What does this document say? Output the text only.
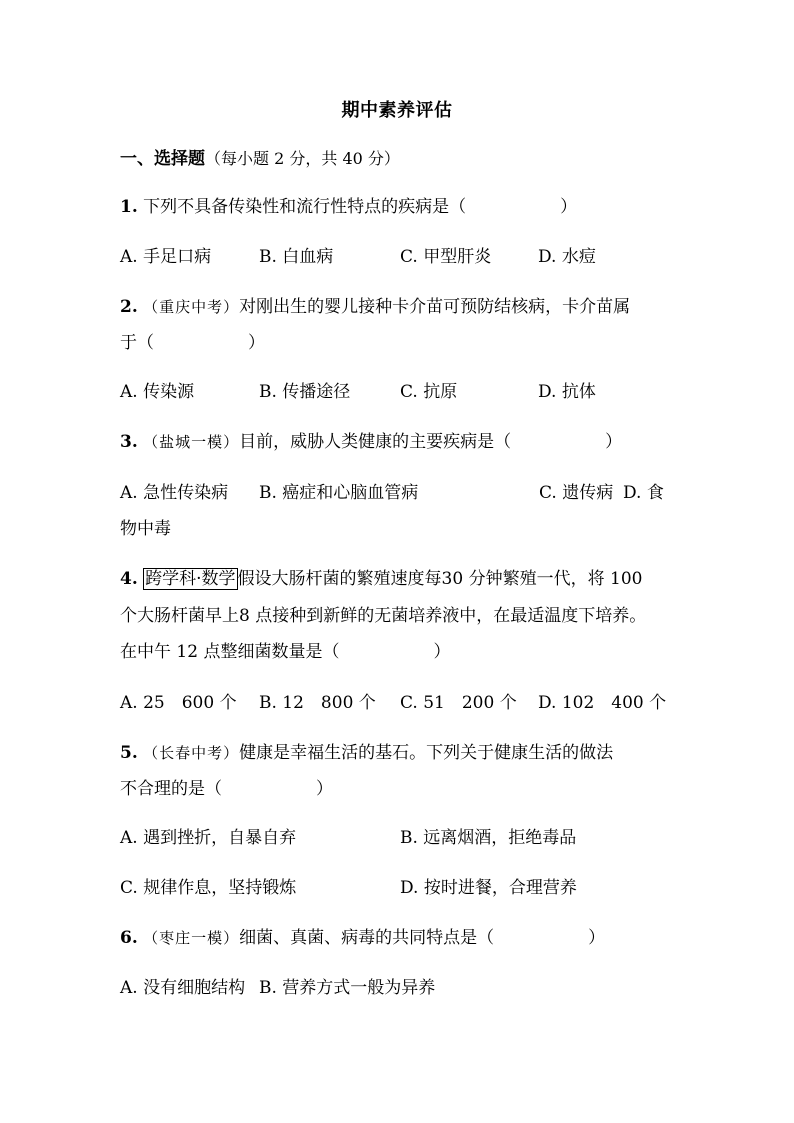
期中素养评估
一、选择题（每小题 2 分，共 40 分）
1. 下列不具备传染性和流行性特点的疾病是（	）
A. 手足口病	B. 白血病	C. 甲型肝炎	D. 水痘
2. （重庆中考）对刚出生的婴儿接种卡介苗可预防结核病，卡介苗属
于（	）
A. 传染源	B. 传播途径	C. 抗原	D. 抗体
3. （盐城一模）目前，威胁人类健康的主要疾病是（	）
A. 急性传染病 B. 癌症和心脑血管病	C. 遗传病 D. 食
物中毒
4. 跨学科·数学 假设大肠杆菌的繁殖速度每30 分钟繁殖一代，将 100
个大肠杆菌早上8 点接种到新鲜的无菌培养液中，在最适温度下培养。
在中午 12 点整细菌数量是（	）
A. 25　600 个 B. 12　800 个 C. 51　200 个 D. 102　400 个
5. （长春中考）健康是幸福生活的基石。下列关于健康生活的做法
不合理的是（	）
A. 遇到挫折，自暴自弃	B. 远离烟酒，拒绝毒品
C. 规律作息，坚持锻炼	D. 按时进餐，合理营养
6. （枣庄一模）细菌、真菌、病毒的共同特点是（	）
A. 没有细胞结构 B. 营养方式一般为异养
